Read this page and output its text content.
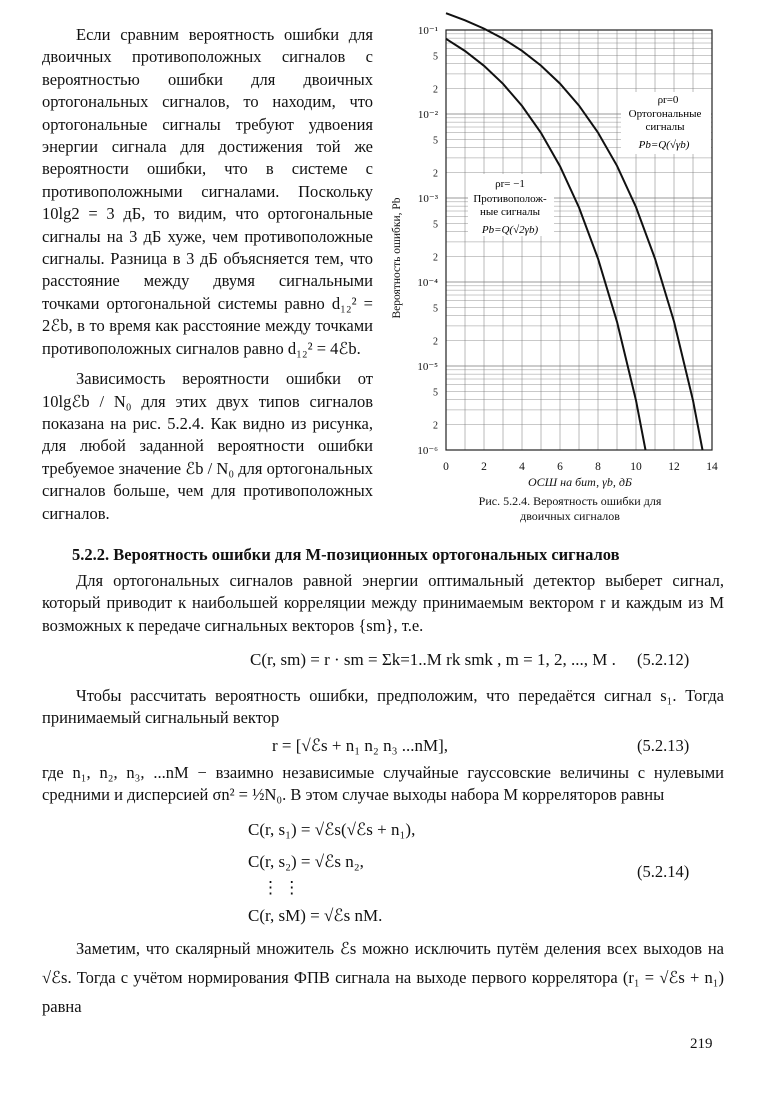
Если сравним вероятность ошибки для двоичных противоположных сигналов с вероятностью ошибки для двоичных ортогональных сигналов, то находим, что ортогональные сигналы требуют удвоения энергии сигнала для достижения той же вероятности ошибки, что в системе с противоположными сигналами. Поскольку 10lg2 = 3 дБ, то видим, что ортогональные сигналы на 3 дБ хуже, чем противоположные сигналы. Разница в 3 дБ объясняется тем, что расстояние между двумя сигнальными точками ортогональной системы равно d₁₂² = 2ℰb, в то время как расстояние между точками противоположных сигналов равно d₁₂² = 4ℰb.

Зависимость вероятности ошибки от 10lgℰb / N₀ для этих двух типов сигналов показана на рис. 5.2.4. Как видно из рисунка, для любой заданной вероятности ошибки требуемое значение ℰb / N₀ для ортогональных сигналов больше, чем для противоположных сигналов.

10⁻¹
5
2
10⁻²
5
2
10⁻³
5
2
10⁻⁴
5
2
10⁻⁵
5
2
10⁻⁶
0	2	4	6	8	10 12 14
Вероятность ошибки, Pb
ρr=0
Ортогональные
сигналы
Pb=Q(√γb)
ρr= −1
Противополож-
ные сигналы
Pb=Q(√2γb)
ОСШ на бит, γb, дБ
Рис. 5.2.4. Вероятность ошибки для
двоичных сигналов
5.2.2. Вероятность ошибки для M-позиционных ортогональных сигналов

Для ортогональных сигналов равной энергии оптимальный детектор выберет сигнал, который приводит к наибольшей корреляции между принимаемым вектором r и каждым из M возможных к передаче сигнальных векторов {sm}, т.е.

C(r, sm) = r · sm = Σk=1..M rk smk , m = 1, 2, ..., M . (5.2.12)

Чтобы рассчитать вероятность ошибки, предположим, что передаётся сигнал s₁. Тогда принимаемый сигнальный вектор

r = [√ℰs + n₁ n₂ n₃ ...nM],	(5.2.13)

где n₁, n₂, n₃, ...nM − взаимно независимые случайные гауссовские величины с нулевыми средними и дисперсией σn² = ½N₀. В этом случае выходы набора M корреляторов равны

C(r, s₁) = √ℰs(√ℰs + n₁),
C(r, s₂) = √ℰs n₂,
⋮ ⋮
C(r, sM) = √ℰs nM.
(5.2.14)

Заметим, что скалярный множитель ℰs можно исключить путём деления всех выходов на √ℰs. Тогда с учётом нормирования ФПВ сигнала на выходе первого коррелятора (r₁ = √ℰs + n₁) равна

219
